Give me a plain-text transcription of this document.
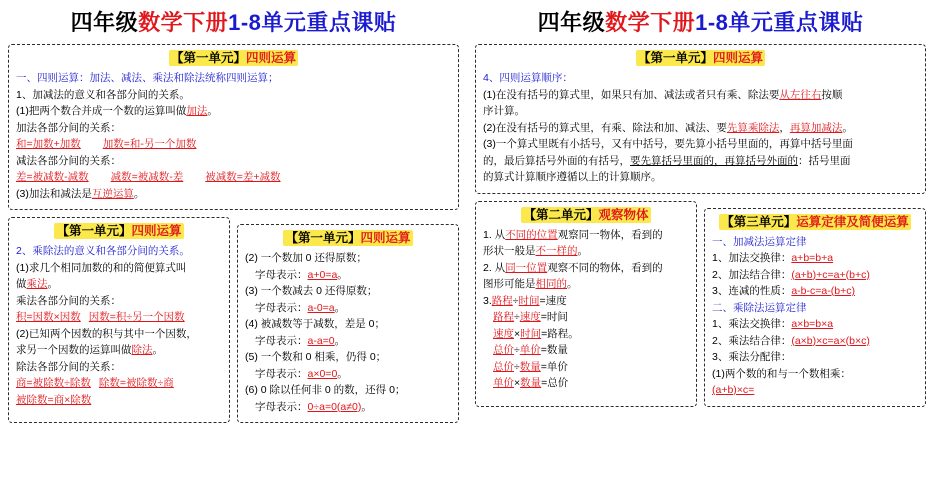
四年级数学下册1-8单元重点课贴
【第一单元】四则运算
一、四则运算：加法、减法、乘法和除法统称四则运算；
1、加减法的意义和各部分间的关系。
(1)把两个数合并成一个数的运算叫做加法。
加法各部分间的关系：
和=加数+加数 加数=和-另一个加数
减法各部分间的关系：
差=被减数-减数 减数=被减数-差 被减数=差+减数
(3)加法和减法是互逆运算。
【第一单元】四则运算
2、乘除法的意义和各部分间的关系。
(1)求几个相同加数的和的简便算式叫
做乘法。
乘法各部分间的关系：
积=因数×因数 因数=积÷另一个因数
(2)已知两个因数的积与其中一个因数，
求另一个因数的运算叫做除法。
除法各部分间的关系：
商=被除数÷除数 除数=被除数÷商
被除数=商×除数
【第一单元】四则运算
(2) 一个数加 0 还得原数；
字母表示：a+0=a。
(3) 一个数减去 0 还得原数；
字母表示：a-0=a。
(4) 被减数等于减数，差是 0；
字母表示：a-a=0。
(5) 一个数和 0 相乘，仍得 0；
字母表示：a×0=0。
(6) 0 除以任何非 0 的数，还得 0；
字母表示：0÷a=0(a≠0)。
四年级数学下册1-8单元重点课贴
【第一单元】四则运算
4、四则运算顺序：
(1)在没有括号的算式里，如果只有加、减法或者只有乘、除法要从左往右按顺
序计算。
(2)在没有括号的算式里，有乘、除法和加、减法、要先算乘除法，再算加减法。
(3)一个算式里既有小括号，又有中括号，要先算小括号里面的，再算中括号里面
的，最后算括号外面的有括号，要先算括号里面的，再算括号外面的：括号里面
的算式计算顺序遵循以上的计算顺序。
【第二单元】观察物体
1. 从不同的位置观察同一物体，看到的
形状一般是不一样的。
2. 从同一位置观察不同的物体，看到的
图形可能是相同的。
3.路程÷时间=速度
路程÷速度=时间
速度×时间=路程。
总价÷单价=数量
总价÷数量=单价
单价×数量=总价
【第三单元】运算定律及简便运算
一、加减法运算定律
1、加法交换律：a+b=b+a
2、加法结合律：(a+b)+c=a+(b+c)
3、连减的性质：a-b-c=a-(b+c)
二、乘除法运算定律
1、乘法交换律：a×b=b×a
2、乘法结合律：(a×b)×c=a×(b×c)
3、乘法分配律：
(1)两个数的和与一个数相乘：
(a+b)×c=
